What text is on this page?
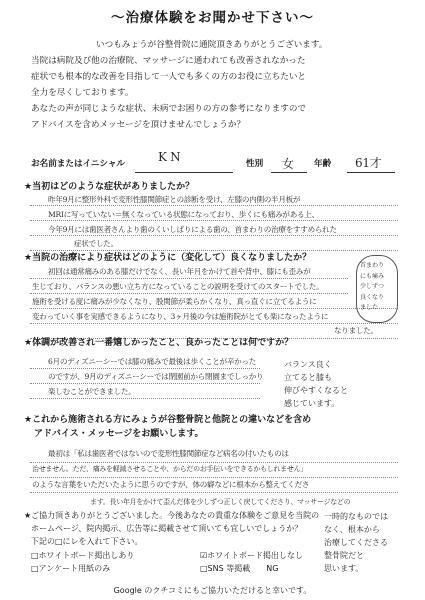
～治療体験をお聞かせ下さい～
いつもみょうが谷整骨院に通院頂きありがとうございます。
当院は病院及び他の治療院、マッサージに通われても改善されなかった
症状でも根本的な改善を目指して一人でも多くの方のお役に立ちたいと
全力を尽くしております。
あなたの声が同じような症状、未病でお困りの方の参考になりますので
アドバイスを含めメッセージを頂けませんでしょうか？
お名前またはイニシャル	K N	性別 女 年齢 61才
★当初はどのような症状がありましたか？
昨年9月に整形外科で変形性膝関節症との診断を受け、左膝の内側の半月板が
MRIに写っていない＝無くなっている状態になっており、歩くにも痛みがある上、
今年9月には歯医者さんより歯のくいしばりによる歯の、首まわりの治療をすすめられた
症状でした。
★当院の治療により症状はどのように（変化して）良くなりましたか？
初回は通常痛みのある膝だけでなく、長い年月をかけて首や背中、膝にも歪みが
生じており、バランスの悪い立ち方になっていることの説明を受けてのスタートでした。
施術を受ける度に痛みが少なくなり、股関節が柔らかくなり、真っ直ぐに立てるように
変わっていく事を実感できるようになり、3ヶ月後の今は施術院がとても楽になったように
なりました。
首まわり
にも痛み
少しずつ
良くなり
ました
★体調が改善され一番嬉しかったこと、良かったことは何ですか？
6月のディズニーシーでは膝の痛みで最後は歩くことが辛かった
のですが、9月のディズニーシーでは閉園前から閉園までしっかり
楽しむことができました。
バランス良く
立てると膝も
伸びやすくなると
感じています。
★これから施術される方にみょうが谷整骨院と他院との違いなどを含め
アドバイス・メッセージをお願いします。
最初は「私は歯医者ではないので変形性膝関節症など病名の付いたものは
治せません。ただ、痛みを軽減させることや、からだのお手伝いをできるかもしれません」
のような言葉をいただいたように思うのですが、体の癖などに根本から整えてくださ
ます。長い年月をかけて歪んだ体を少しずつ正しく戻してくださり、マッサージなどの
一時的なものでは
なく、根本から
治療してくださる
整骨院だと
思います。
★ご協力頂きありがとうございました。今後あなたの貴重な体験をご意見を当院の
ホームページ、院内掲示、広告等に掲載させて頂いても宜しいでしょうか？
下記の□にレを入れて下さい。
□ホワイトボード掲出しあり	☑ホワイトボード掲出しなし
□アンケート用紙のみ	□SNS 等掲載　　NG
Google のクチコミにもご協力いただけると幸いです。
